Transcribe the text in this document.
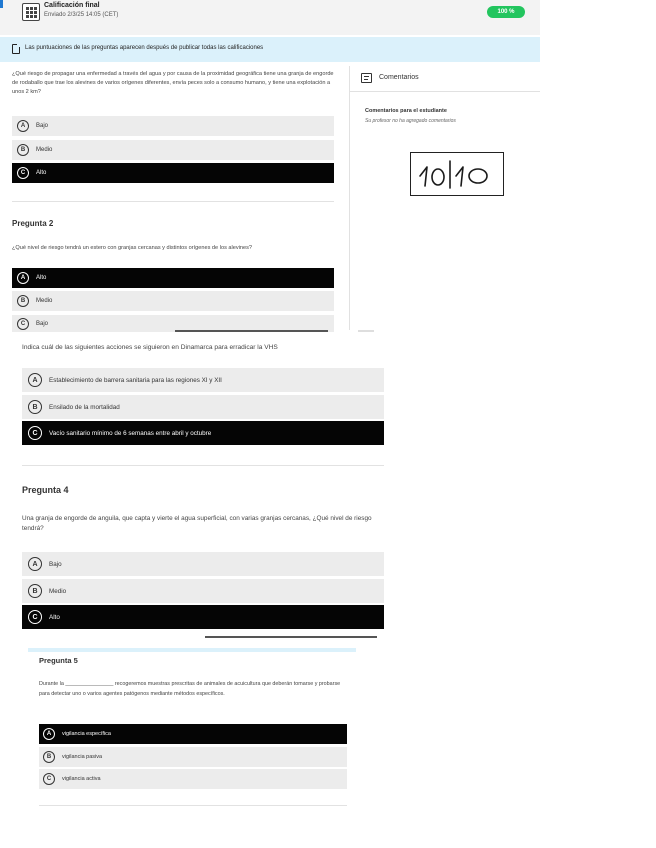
Calificación final
Enviado 2/3/25 14:05 (CET)	100 %
Las puntuaciones de las preguntas aparecen después de publicar todas las calificaciones
¿Qué riesgo de propagar una enfermedad a través del agua y por causa de la proximidad geográfica tiene una granja de engorde de rodaballo que trae los alevines de varios orígenes diferentes, envía peces solo a consumo humano, y tiene una explotación a unos 2 km?
A	Bajo
B	Medio
C	Alto
Pregunta 2
¿Qué nivel de riesgo tendrá un estero con granjas cercanas y distintos orígenes de los alevines?
A	Alto
B	Medio
C	Bajo
Comentarios
Comentarios para el estudiante
Su profesor no ha agregado comentarios
Indica cuál de las siguientes acciones se siguieron en Dinamarca para erradicar la VHS
A	Establecimiento de barrera sanitaria para las regiones XI y XII
B	Ensilado de la mortalidad
C	Vacío sanitario mínimo de 6 semanas entre abril y octubre
Pregunta 4
Una granja de engorde de anguila, que capta y vierte el agua superficial, con varias granjas cercanas, ¿Qué nivel de riesgo tendrá?
A	Bajo
B	Medio
C	Alto
Pregunta 5
Durante la ________________ recogeremos muestras prescritas de animales de acuicultura que deberán tomarse y probarse para detectar uno o varios agentes patógenos mediante métodos específicos.
A	vigilancia específica
B	vigilancia pasiva
C	vigilancia activa
